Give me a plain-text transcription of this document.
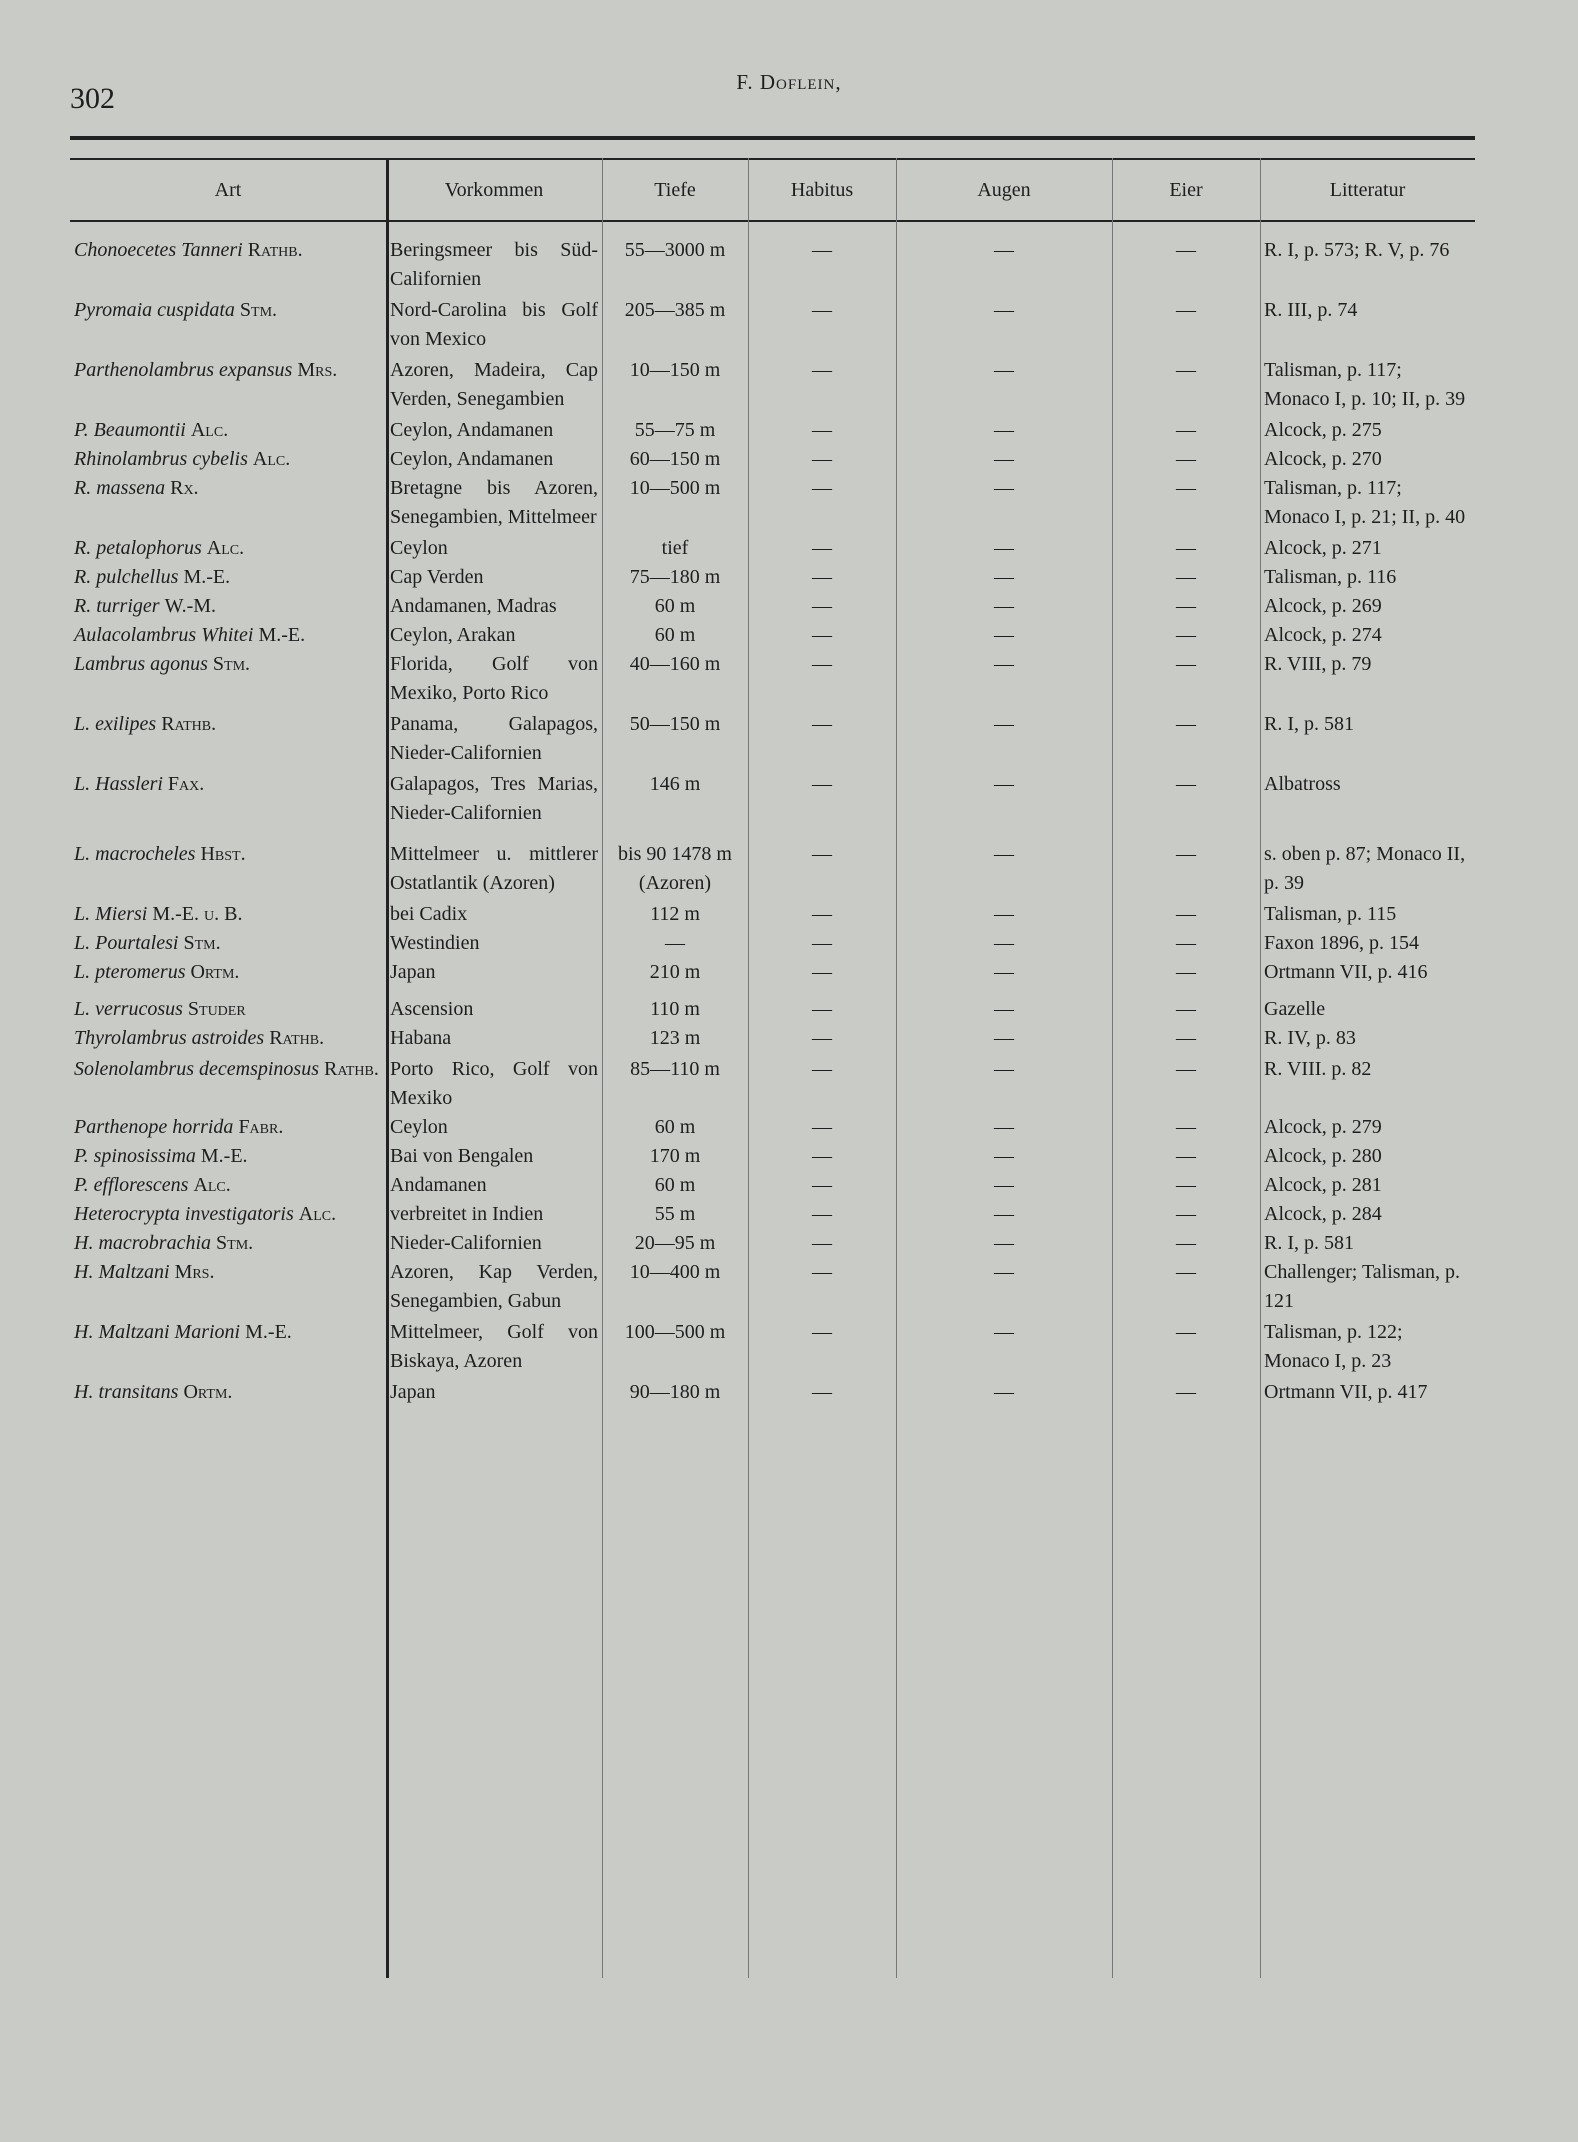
302	F. Doflein,
Art	Vorkommen	Tiefe	Habitus	Augen	Eier	Litteratur

Chonoecetes Tanneri Rathb.	Beringsmeer bis Süd-Californien	55—3000 m	—	—	—	R. I, p. 573; R. V, p. 76
Pyromaia cuspidata Stm.	Nord-Carolina bis Golf von Mexico	205—385 m	—	—	—	R. III, p. 74
Parthenolambrus expansus Mrs.	Azoren, Madeira, Cap Verden, Senegambien	10—150 m	—	—	—	Talisman, p. 117; Monaco I, p. 10; II, p. 39
P. Beaumontii Alc.	Ceylon, Andamanen	55—75 m	—	—	—	Alcock, p. 275
Rhinolambrus cybelis Alc.	Ceylon, Andamanen	60—150 m	—	—	—	Alcock, p. 270
R. massena Rx.	Bretagne bis Azoren, Senegambien, Mittelmeer	10—500 m	—	—	—	Talisman, p. 117; Monaco I, p. 21; II, p. 40
R. petalophorus Alc.	Ceylon	tief	—	—	—	Alcock, p. 271
R. pulchellus M.-E.	Cap Verden	75—180 m	—	—	—	Talisman, p. 116
R. turriger W.-M.	Andamanen, Madras	60 m	—	—	—	Alcock, p. 269
Aulacolambrus Whitei M.-E.	Ceylon, Arakan	60 m	—	—	—	Alcock, p. 274
Lambrus agonus Stm.	Florida, Golf von Mexiko, Porto Rico	40—160 m	—	—	—	R. VIII, p. 79
L. exilipes Rathb.	Panama, Galapagos, Nieder-Californien	50—150 m	—	—	—	R. I, p. 581
L. Hassleri Fax.	Galapagos, Tres Marias, Nieder-Californien	146 m	—	—	—	Albatross
L. macrocheles Hbst.	Mittelmeer u. mittlerer Ostatlantik (Azoren)	bis 90 1478 m (Azoren)	—	—	—	s. oben p. 87; Monaco II, p. 39
L. Miersi M.-E. u. B.	bei Cadix	112 m	—	—	—	Talisman, p. 115
L. Pourtalesi Stm.	Westindien	—	—	—	—	Faxon 1896, p. 154
L. pteromerus Ortm.	Japan	210 m	—	—	—	Ortmann VII, p. 416
L. verrucosus Studer	Ascension	110 m	—	—	—	Gazelle
Thyrolambrus astroides Rathb.	Habana	123 m	—	—	—	R. IV, p. 83
Solenolambrus decemspinosus Rathb.	Porto Rico, Golf von Mexiko	85—110 m	—	—	—	R. VIII. p. 82
Parthenope horrida Fabr.	Ceylon	60 m	—	—	—	Alcock, p. 279
P. spinosissima M.-E.	Bai von Bengalen	170 m	—	—	—	Alcock, p. 280
P. efflorescens Alc.	Andamanen	60 m	—	—	—	Alcock, p. 281
Heterocrypta investigatoris Alc.	verbreitet in Indien	55 m	—	—	—	Alcock, p. 284
H. macrobrachia Stm.	Nieder-Californien	20—95 m	—	—	—	R. I, p. 581
H. Maltzani Mrs.	Azoren, Kap Verden, Senegambien, Gabun	10—400 m	—	—	—	Challenger; Talisman, p. 121
H. Maltzani Marioni M.-E.	Mittelmeer, Golf von Biskaya, Azoren	100—500 m	—	—	—	Talisman, p. 122; Monaco I, p. 23
H. transitans Ortm.	Japan	90—180 m	—	—	—	Ortmann VII, p. 417
